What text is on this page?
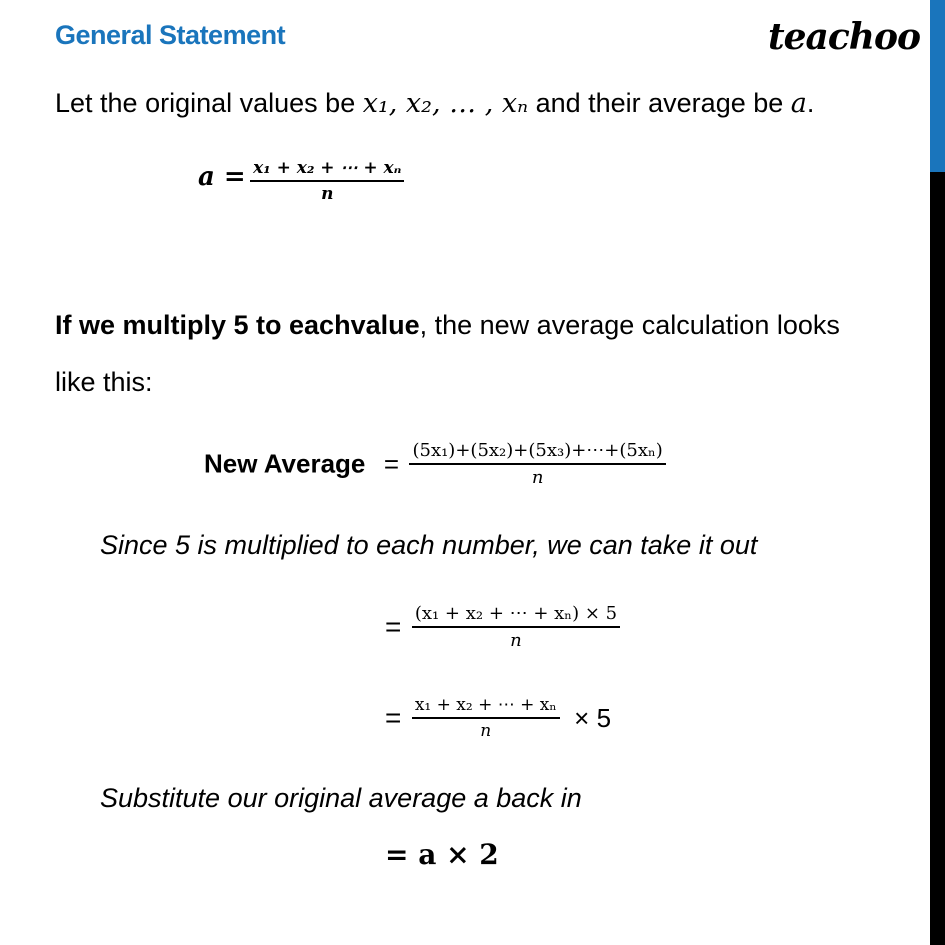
General Statement	teachoo
Let the original values be x₁, x₂, … , xₙ and their average be a.
$a = \frac{\text{x₁ + x₂ + ⋯ + xₙ}}{n}$
If we multiply 5 to eachvalue, the new average calculation looks
like this:
New Average = $\frac{\text{(5x₁)+(5x₂)+(5x₃)+⋯+(5xₙ)}}{n}$
Since 5 is multiplied to each number, we can take it out
= $\frac{\text{(x₁ + x₂ + ⋯ + xₙ) × 5}}{n}$
= $\frac{\text{x₁ + x₂ + ⋯ + xₙ}}{n} \times 5$
Substitute our original average a back in
= a × 2
